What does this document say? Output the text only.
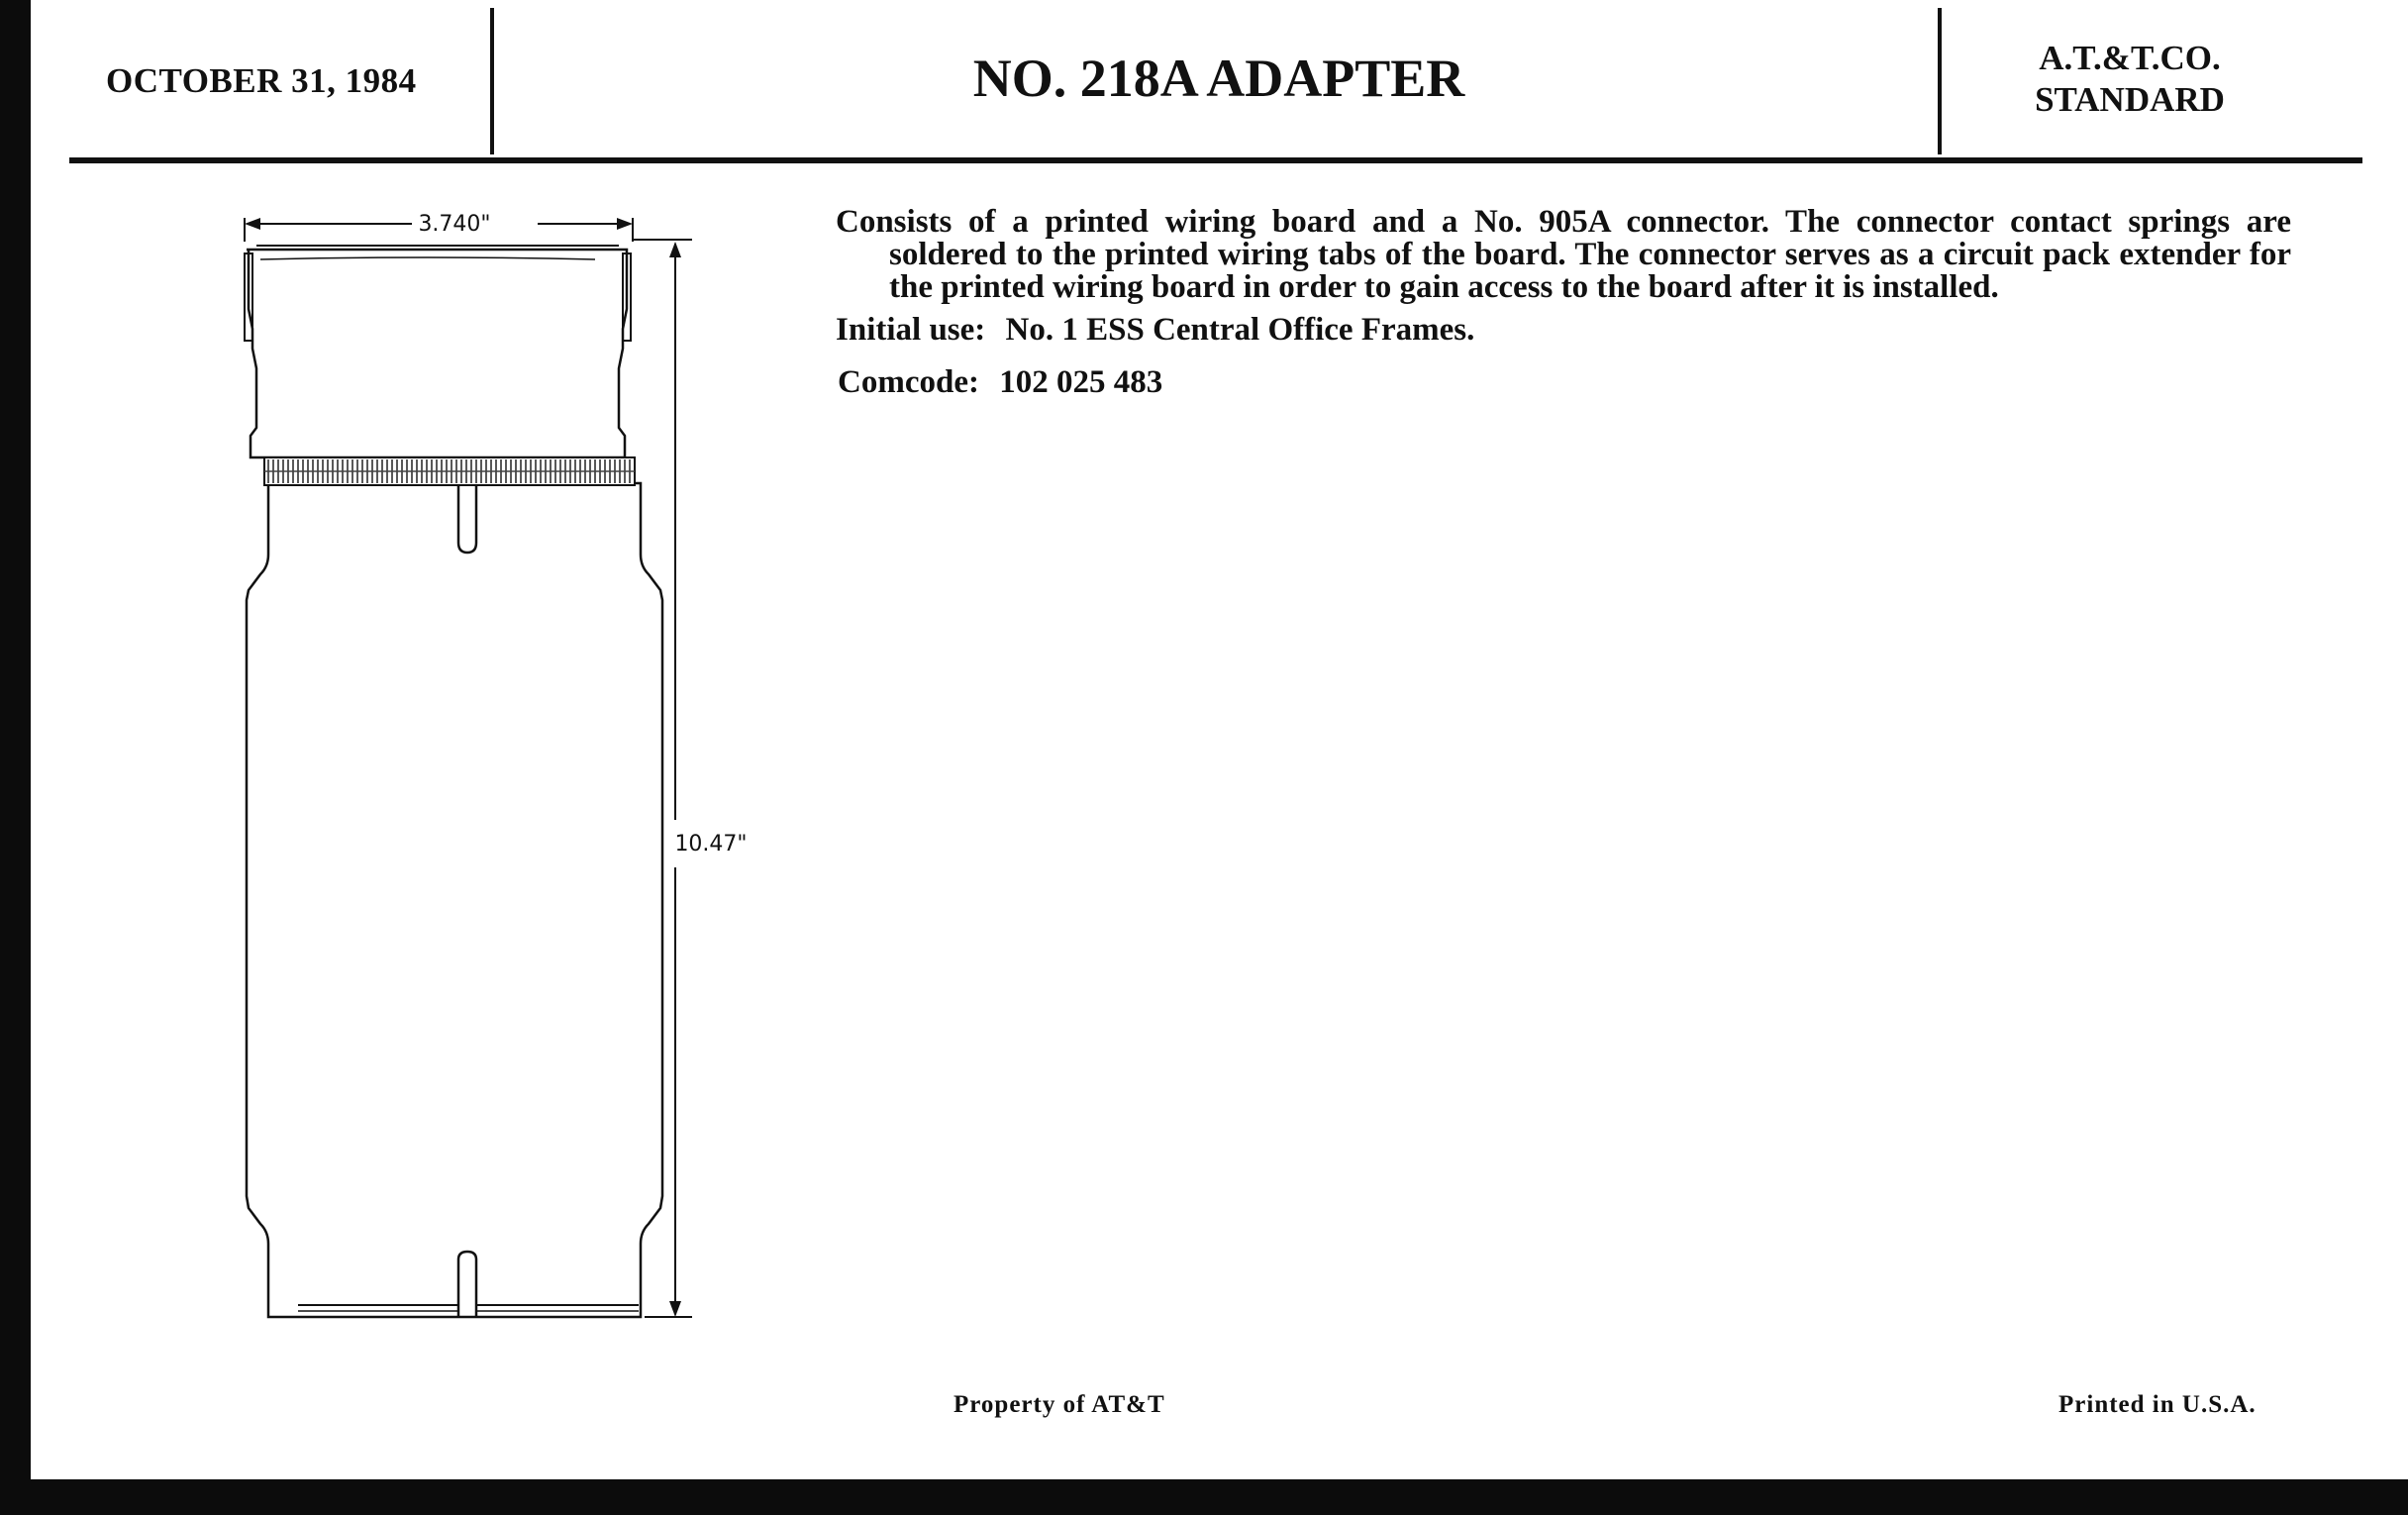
OCTOBER 31, 1984	NO. 218A ADAPTER	A.T.&T.CO.
STANDARD
3.740"
10.47"

Consists of a printed wiring board and a No. 905A connector. The connector contact springs are soldered to the printed wiring tabs of the board. The connector serves as a circuit pack extender for the printed wiring board in order to gain access to the board after it is installed.

Initial use: No. 1 ESS Central Office Frames.

Comcode: 102 025 483

Property of AT&T	Printed in U.S.A.
